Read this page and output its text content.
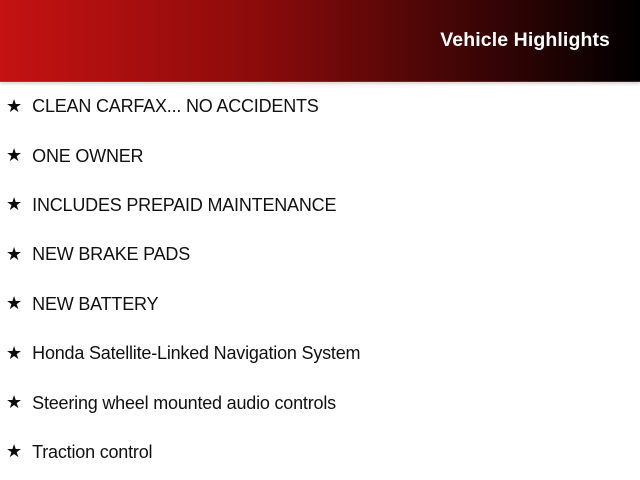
Vehicle Highlights
★ CLEAN CARFAX... NO ACCIDENTS
★ ONE OWNER
★ INCLUDES PREPAID MAINTENANCE
★ NEW BRAKE PADS
★ NEW BATTERY
★ Honda Satellite-Linked Navigation System
★ Steering wheel mounted audio controls
★ Traction control
